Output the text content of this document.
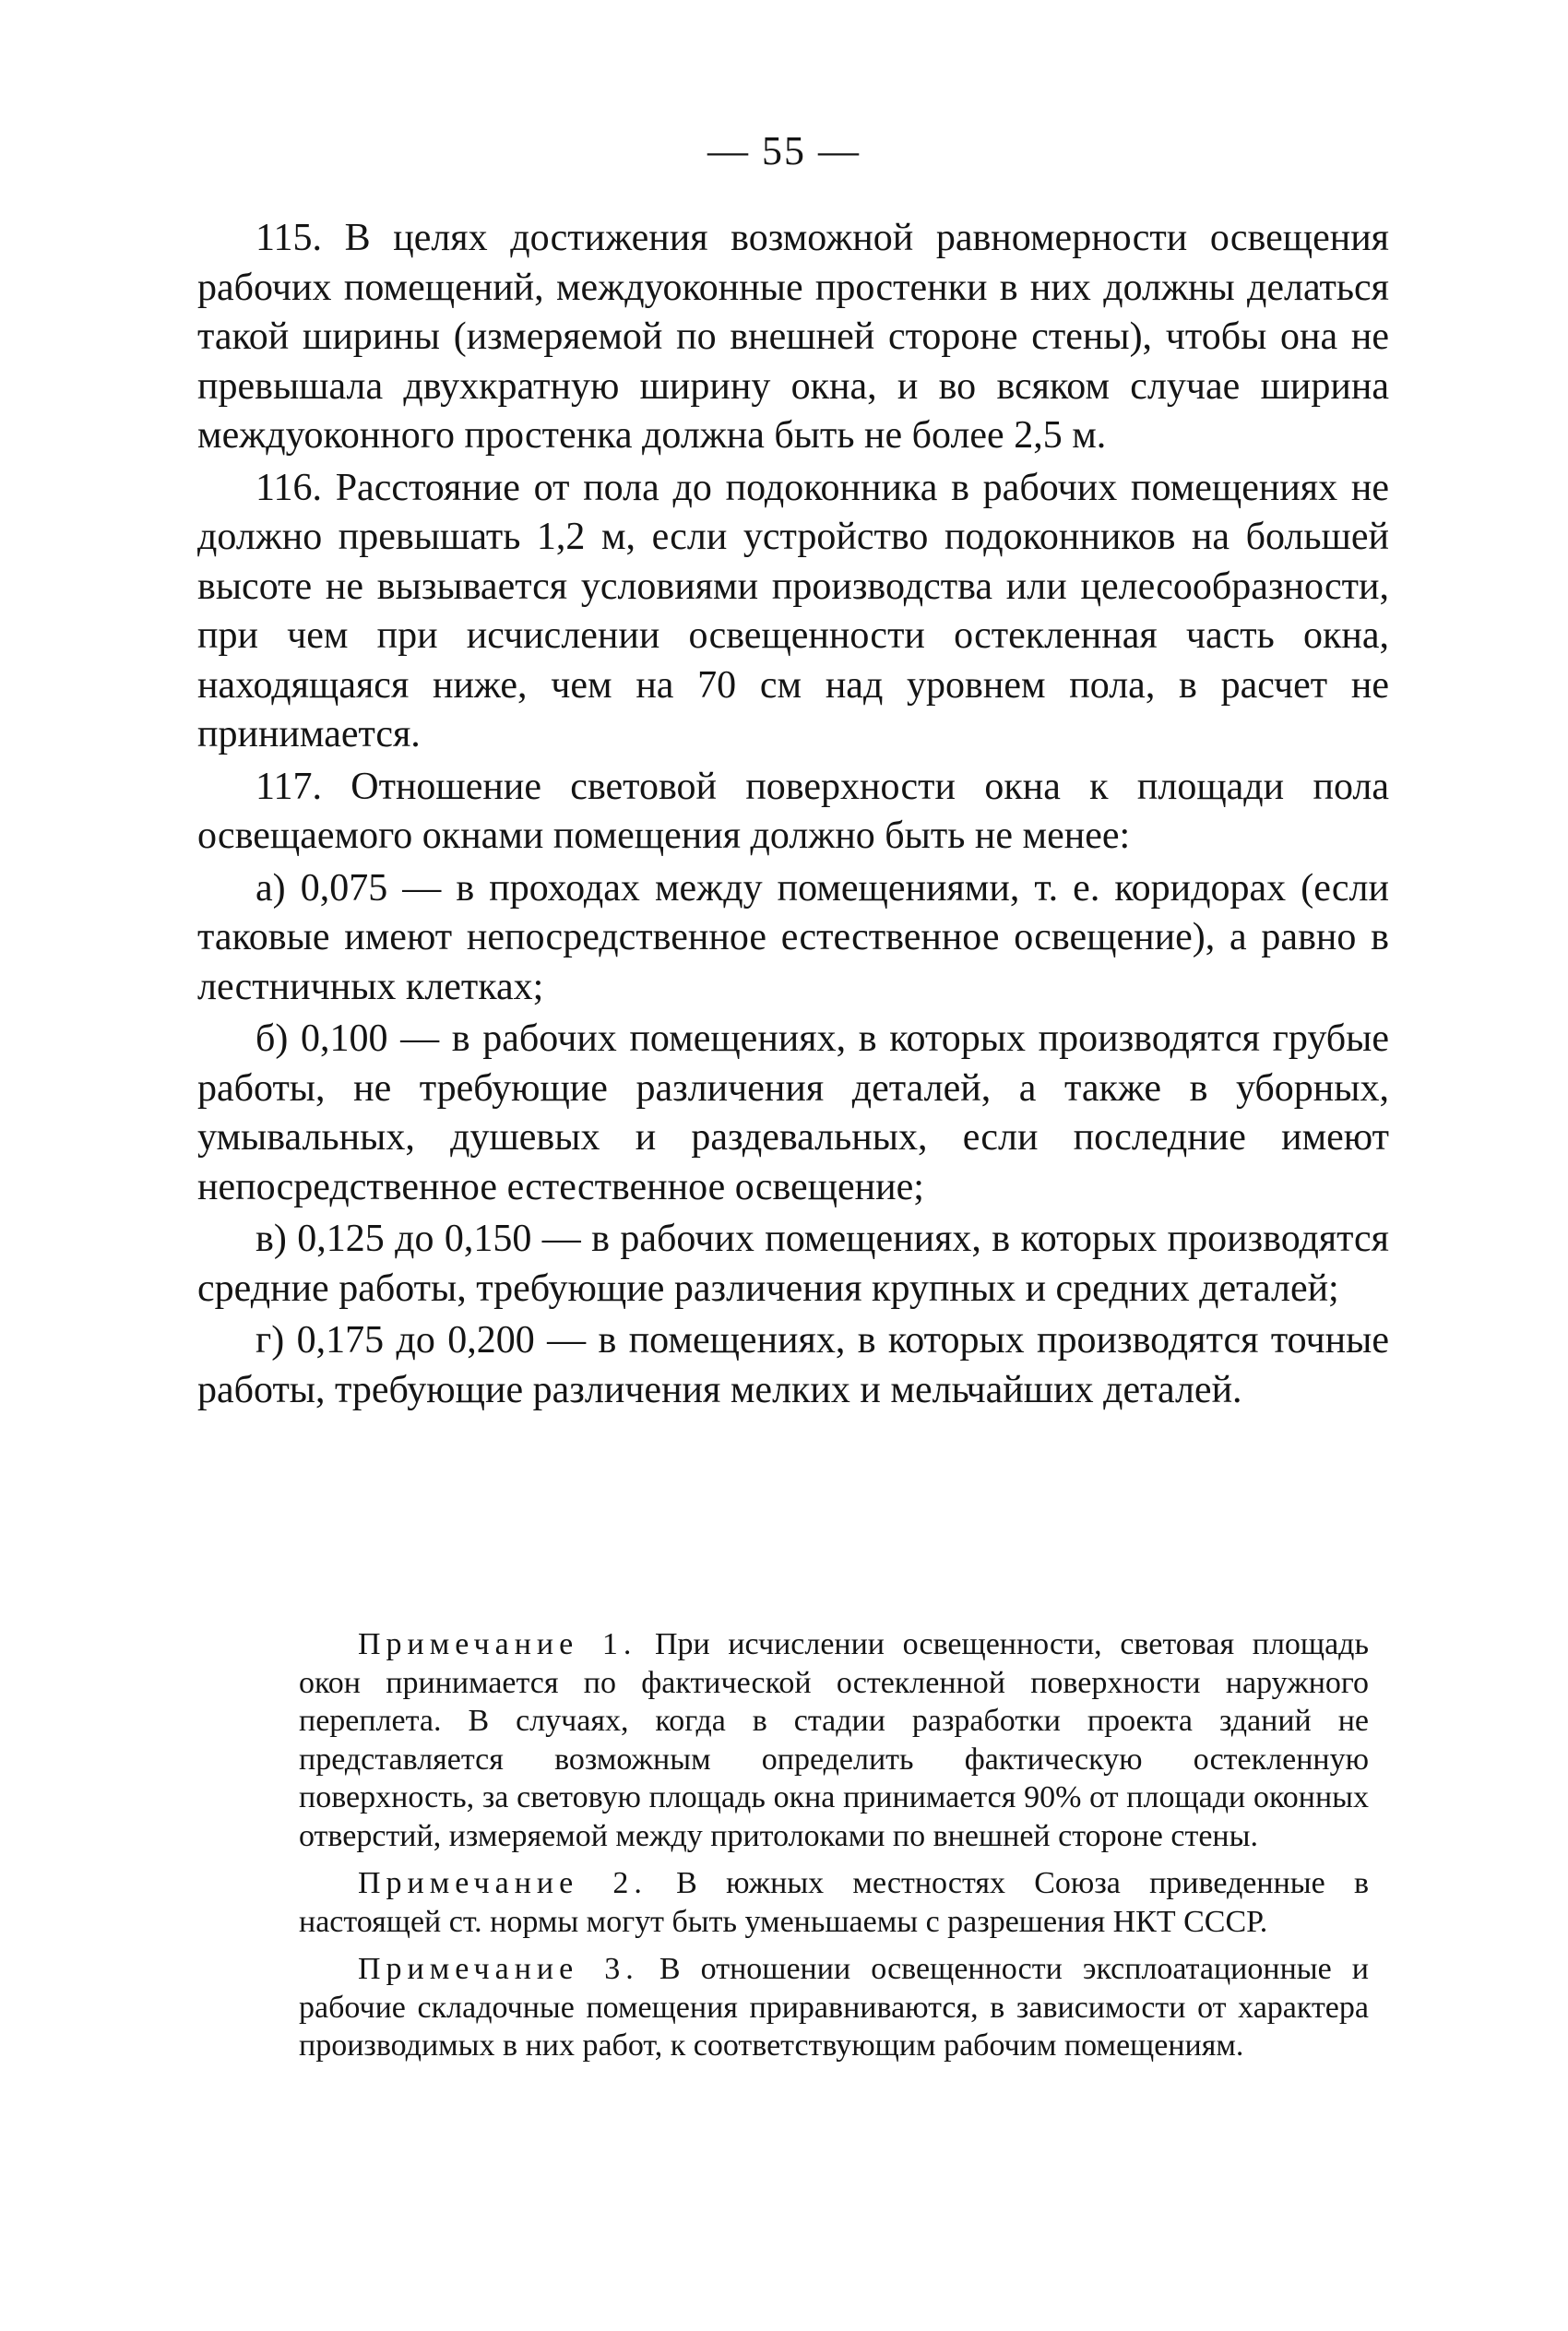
— 55 —

115. В целях достижения возможной равномерности освещения рабочих помещений, междуоконные простенки в них должны делаться такой ширины (измеряемой по внешней стороне стены), чтобы она не превышала двухкратную ширину окна, и во всяком случае ширина междуоконного простенка должна быть не более 2,5 м.

116. Расстояние от пола до подоконника в рабочих помещениях не должно превышать 1,2 м, если устройство подоконников на большей высоте не вызывается условиями производства или целесообразности, при чем при исчислении освещенности остекленная часть окна, находящаяся ниже, чем на 70 см над уровнем пола, в расчет не принимается.

117. Отношение световой поверхности окна к площади пола освещаемого окнами помещения должно быть не менее:

а) 0,075 — в проходах между помещениями, т. е. коридорах (если таковые имеют непосредственное естественное освещение), а равно в лестничных клетках;

б) 0,100 — в рабочих помещениях, в которых производятся грубые работы, не требующие различения деталей, а также в уборных, умывальных, душевых и раздевальных, если последние имеют непосредственное естественное освещение;

в) 0,125 до 0,150 — в рабочих помещениях, в которых производятся средние работы, требующие различения крупных и средних деталей;

г) 0,175 до 0,200 — в помещениях, в которых производятся точные работы, требующие различения мелких и мельчайших деталей.

Примечание 1. При исчислении освещенности, световая площадь окон принимается по фактической остекленной поверхности наружного переплета. В случаях, когда в стадии разработки проекта зданий не представляется возможным определить фактическую остекленную поверхность, за световую площадь окна принимается 90% от площади оконных отверстий, измеряемой между притолоками по внешней стороне стены.

Примечание 2. В южных местностях Союза приведенные в настоящей ст. нормы могут быть уменьшаемы с разрешения НКТ СССР.

Примечание 3. В отношении освещенности эксплоатационные и рабочие складочные помещения приравниваются, в зависимости от характера производимых в них работ, к соответствующим рабочим помещениям.
